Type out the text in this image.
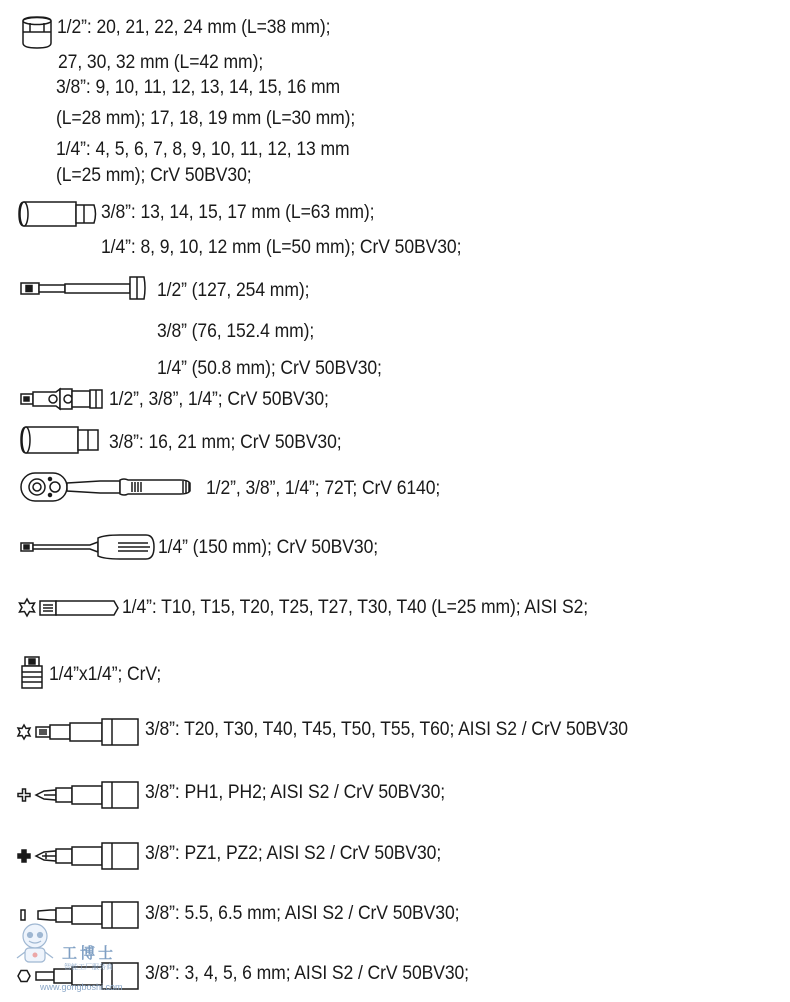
1/2”: 20, 21, 22, 24 mm (L=38 mm);
27, 30, 32 mm (L=42 mm);
3/8”: 9, 10, 11, 12, 13, 14, 15, 16 mm
(L=28 mm); 17, 18, 19 mm (L=30 mm);
1/4”: 4, 5, 6, 7, 8, 9, 10, 11, 12, 13 mm
(L=25 mm); CrV 50BV30;
3/8”: 13, 14, 15, 17 mm (L=63 mm);
1/4”: 8, 9, 10, 12 mm (L=50 mm); CrV 50BV30;
1/2” (127, 254 mm);
3/8” (76, 152.4 mm);
1/4” (50.8 mm); CrV 50BV30;
1/2”, 3/8”, 1/4”; CrV 50BV30;
3/8”: 16, 21 mm; CrV 50BV30;
1/2”, 3/8”, 1/4”; 72T; CrV 6140;
1/4” (150 mm); CrV 50BV30;
1/4”: T10, T15, T20, T25, T27, T30, T40 (L=25 mm); AISI S2;
1/4”x1/4”; CrV;
3/8”: T20, T30, T40, T45, T50, T55, T60; AISI S2 / CrV 50BV30
3/8”: PH1, PH2; AISI S2 / CrV 50BV30;
3/8”: PZ1, PZ2; AISI S2 / CrV 50BV30;
3/8”: 5.5, 6.5 mm; AISI S2 / CrV 50BV30;
3/8”: 3, 4, 5, 6 mm; AISI S2 / CrV 50BV30;
工博士
智能工厂服务商
www.gongboshi.com
